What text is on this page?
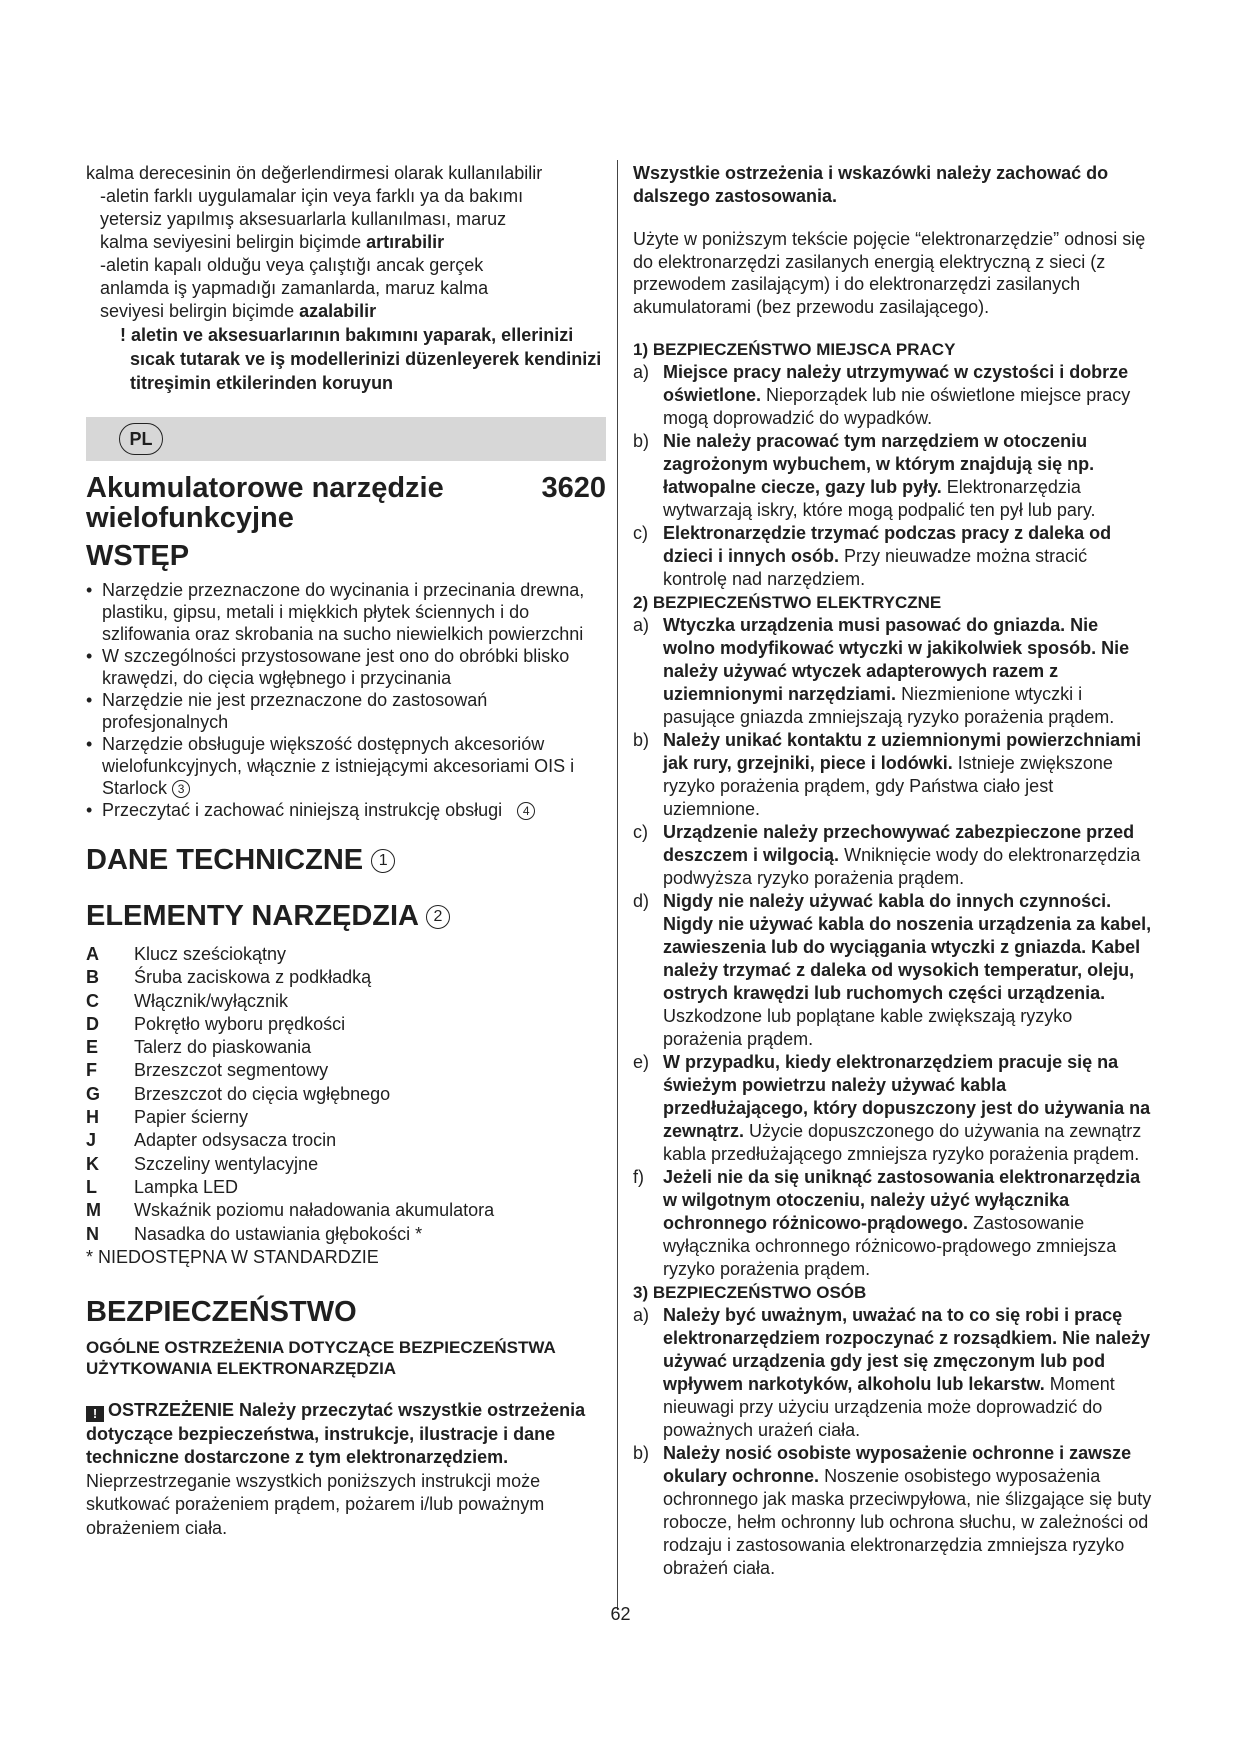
kalma derecesinin ön değerlendirmesi olarak kullanılabilir

-aletin farklı uygulamalar için veya farklı ya da bakımı

yetersiz yapılmış aksesuarlarla kullanılması, maruz

kalma seviyesini belirgin biçimde artırabilir

-aletin kapalı olduğu veya çalıştığı ancak gerçek

anlamda iş yapmadığı zamanlarda, maruz kalma

seviyesi belirgin biçimde azalabilir

! aletin ve aksesuarlarının bakımını yaparak, ellerinizi sıcak tutarak ve iş modellerinizi düzenleyerek kendinizi titreşimin etkilerinden koruyun

PL
Akumulatorowe narzędzie wielofunkcyjne
3620
WSTĘP
• Narzędzie przeznaczone do wycinania i przecinania drewna, plastiku, gipsu, metali i miękkich płytek ściennych i do szlifowania oraz skrobania na sucho niewielkich powierzchni
• W szczególności przystosowane jest ono do obróbki blisko krawędzi, do cięcia wgłębnego i przycinania
• Narzędzie nie jest przeznaczone do zastosowań profesjonalnych
• Narzędzie obsługuje większość dostępnych akcesoriów wielofunkcyjnych, włącznie z istniejącymi akcesoriami OIS i Starlock 3
• Przeczytać i zachować niniejszą instrukcję obsługi 4
DANE TECHNICZNE 1
ELEMENTY NARZĘDZIA 2
A	Klucz sześciokątny
B	Śruba zaciskowa z podkładką
C	Włącznik/wyłącznik
D	Pokrętło wyboru prędkości
E	Talerz do piaskowania
F	Brzeszczot segmentowy
G	Brzeszczot do cięcia wgłębnego
H	Papier ścierny
J	Adapter odsysacza trocin
K	Szczeliny wentylacyjne
L	Lampka LED
M	Wskaźnik poziomu naładowania akumulatora
N	Nasadka do ustawiania głębokości *
* NIEDOSTĘPNA W STANDARDZIE
BEZPIECZEŃSTWO
OGÓLNE OSTRZEŻENIA DOTYCZĄCE BEZPIECZEŃSTWA UŻYTKOWANIA ELEKTRONARZĘDZIA

! OSTRZEŻENIE Należy przeczytać wszystkie ostrzeżenia dotyczące bezpieczeństwa, instrukcje, ilustracje i dane techniczne dostarczone z tym elektronarzędziem. Nieprzestrzeganie wszystkich poniższych instrukcji może skutkować porażeniem prądem, pożarem i/lub poważnym obrażeniem ciała.

Wszystkie ostrzeżenia i wskazówki należy zachować do dalszego zastosowania.

Użyte w poniższym tekście pojęcie “elektronarzędzie” odnosi się do elektronarzędzi zasilanych energią elektryczną z sieci (z przewodem zasilającym) i do elektronarzędzi zasilanych akumulatorami (bez przewodu zasilającego).

1) BEZPIECZEŃSTWO MIEJSCA PRACY
a) Miejsce pracy należy utrzymywać w czystości i dobrze oświetlone. Nieporządek lub nie oświetlone miejsce pracy mogą doprowadzić do wypadków.
b) Nie należy pracować tym narzędziem w otoczeniu zagrożonym wybuchem, w którym znajdują się np. łatwopalne ciecze, gazy lub pyły. Elektronarzędzia wytwarzają iskry, które mogą podpalić ten pył lub pary.
c) Elektronarzędzie trzymać podczas pracy z daleka od dzieci i innych osób. Przy nieuwadze można stracić kontrolę nad narzędziem.
2) BEZPIECZEŃSTWO ELEKTRYCZNE
a) Wtyczka urządzenia musi pasować do gniazda. Nie wolno modyfikować wtyczki w jakikolwiek sposób. Nie należy używać wtyczek adapterowych razem z uziemnionymi narzędziami. Niezmienione wtyczki i pasujące gniazda zmniejszają ryzyko porażenia prądem.
b) Należy unikać kontaktu z uziemnionymi powierzchniami jak rury, grzejniki, piece i lodówki. Istnieje zwiększone ryzyko porażenia prądem, gdy Państwa ciało jest uziemnione.
c) Urządzenie należy przechowywać zabezpieczone przed deszczem i wilgocią. Wniknięcie wody do elektronarzędzia podwyższa ryzyko porażenia prądem.
d) Nigdy nie należy używać kabla do innych czynności. Nigdy nie używać kabla do noszenia urządzenia za kabel, zawieszenia lub do wyciągania wtyczki z gniazda. Kabel należy trzymać z daleka od wysokich temperatur, oleju, ostrych krawędzi lub ruchomych części urządzenia. Uszkodzone lub poplątane kable zwiększają ryzyko porażenia prądem.
e) W przypadku, kiedy elektronarzędziem pracuje się na świeżym powietrzu należy używać kabla przedłużającego, który dopuszczony jest do używania na zewnątrz. Użycie dopuszczonego do używania na zewnątrz kabla przedłużającego zmniejsza ryzyko porażenia prądem.
f) Jeżeli nie da się uniknąć zastosowania elektronarzędzia w wilgotnym otoczeniu, należy użyć wyłącznika ochronnego różnicowo-prądowego. Zastosowanie wyłącznika ochronnego różnicowo-prądowego zmniejsza ryzyko porażenia prądem.
3) BEZPIECZEŃSTWO OSÓB
a) Należy być uważnym, uważać na to co się robi i pracę elektronarzędziem rozpoczynać z rozsądkiem. Nie należy używać urządzenia gdy jest się zmęczonym lub pod wpływem narkotyków, alkoholu lub lekarstw. Moment nieuwagi przy użyciu urządzenia może doprowadzić do poważnych urażeń ciała.
b) Należy nosić osobiste wyposażenie ochronne i zawsze okulary ochronne. Noszenie osobistego wyposażenia ochronnego jak maska przeciwpyłowa, nie ślizgające się buty robocze, hełm ochronny lub ochrona słuchu, w zależności od rodzaju i zastosowania elektronarzędzia zmniejsza ryzyko obrażeń ciała.
62
